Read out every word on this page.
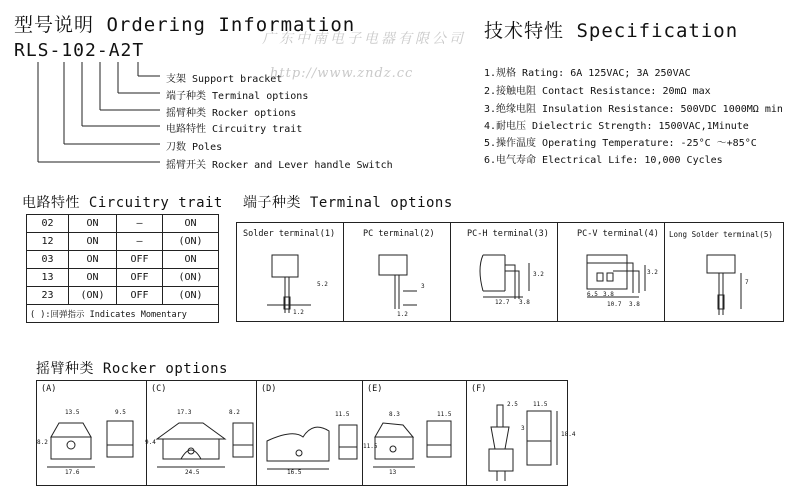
型号说明 Ordering Information
RLS-102-A2T
支架 Support bracket
端子种类 Terminal options
摇臂种类 Rocker options
电路特性 Circuitry trait
刀数 Poles
摇臂开关 Rocker and Lever handle Switch
广东中南电子电器有限公司
http://www.zndz.cc
技术特性 Specification
1.规格 Rating: 6A 125VAC; 3A 250VAC
2.接触电阻 Contact Resistance: 20mΩ max
3.绝缘电阻 Insulation Resistance: 500VDC 1000MΩ min
4.耐电压 Dielectric Strength: 1500VAC,1Minute
5.操作温度 Operating Temperature: -25°C ～+85°C
6.电气寿命 Electrical Life: 10,000 Cycles
电路特性 Circuitry trait
02	ON	—	ON
12	ON	—	(ON)
03	ON	OFF	ON
13	ON	OFF	(ON)
23	(ON)	OFF	(ON)
( ):回弹指示 Indicates Momentary			
端子种类 Terminal options
Solder terminal(1)	PC terminal(2)	PC-H terminal(3)	PC-V terminal(4) Long Solder terminal(5)
1.2
5.2	3
1.2
3.2
12.7 3.8
6.5 3.8
10.7 3.8
3.2
7
摇臂种类 Rocker options
(A)	(C)	(D)	(E)	(F)
13.5	9.5
8.2
17.6
17.3	8.2
9.4
24.5
11.5
16.5
8.3	11.5
11.5
13
2.5	11.5
3
18.4
